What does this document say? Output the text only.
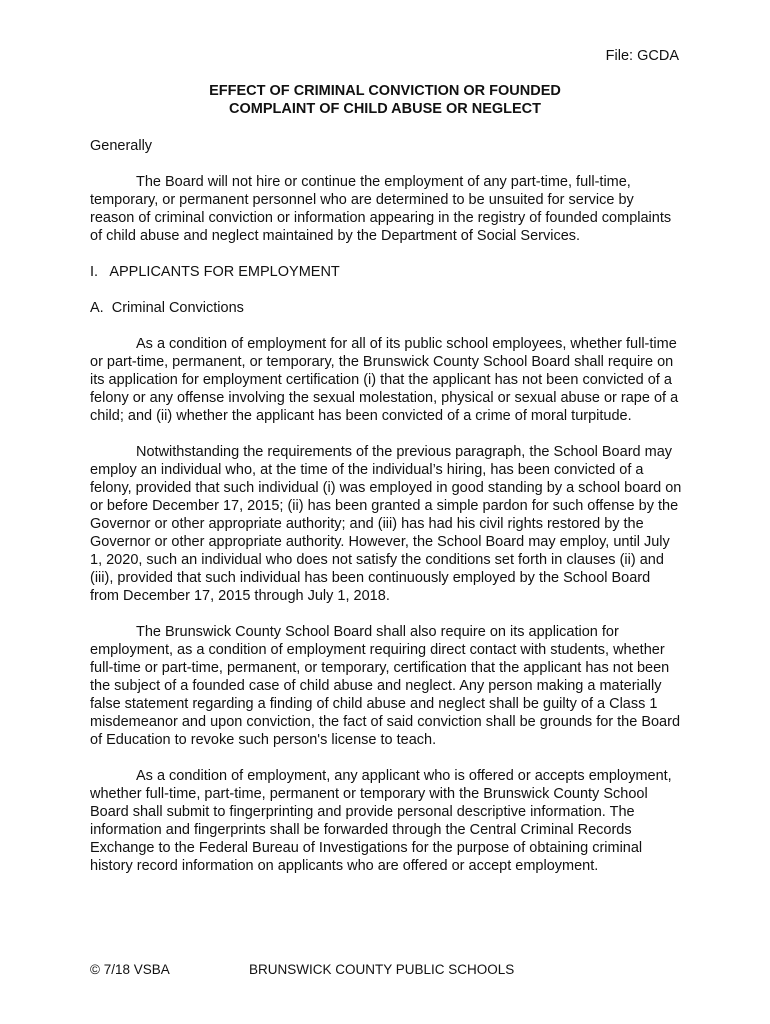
File: GCDA
EFFECT OF CRIMINAL CONVICTION OR FOUNDED
COMPLAINT OF CHILD ABUSE OR NEGLECT

Generally

The Board will not hire or continue the employment of any part-time, full-time, temporary, or permanent personnel who are determined to be unsuited for service by reason of criminal conviction or information appearing in the registry of founded complaints of child abuse and neglect maintained by the Department of Social Services.

I.   APPLICANTS FOR EMPLOYMENT

A.  Criminal Convictions

As a condition of employment for all of its public school employees, whether full-time or part-time, permanent, or temporary, the Brunswick County School Board shall require on its application for employment certification (i) that the applicant has not been convicted of a felony or any offense involving the sexual molestation, physical or sexual abuse or rape of a child; and (ii) whether the applicant has been convicted of a crime of moral turpitude.

Notwithstanding the requirements of the previous paragraph, the School Board may employ an individual who, at the time of the individual’s hiring, has been convicted of a felony, provided that such individual (i) was employed in good standing by a school board on or before December 17, 2015; (ii) has been granted a simple pardon for such offense by the Governor or other appropriate authority; and (iii) has had his civil rights restored by the Governor or other appropriate authority. However, the School Board may employ, until July 1, 2020, such an individual who does not satisfy the conditions set forth in clauses (ii) and (iii), provided that such individual has been continuously employed by the School Board from December 17, 2015 through July 1, 2018.

The Brunswick County School Board shall also require on its application for employment, as a condition of employment requiring direct contact with students, whether full-time or part-time, permanent, or temporary, certification that the applicant has not been the subject of a founded case of child abuse and neglect. Any person making a materially false statement regarding a finding of child abuse and neglect shall be guilty of a Class 1 misdemeanor and upon conviction, the fact of said conviction shall be grounds for the Board of Education to revoke such person's license to teach.

As a condition of employment, any applicant who is offered or accepts employment, whether full-time, part-time, permanent or temporary with the Brunswick County School Board shall submit to fingerprinting and provide personal descriptive information. The information and fingerprints shall be forwarded through the Central Criminal Records Exchange to the Federal Bureau of Investigations for the purpose of obtaining criminal history record information on applicants who are offered or accept employment.

© 7/18 VSBA	BRUNSWICK COUNTY PUBLIC SCHOOLS
